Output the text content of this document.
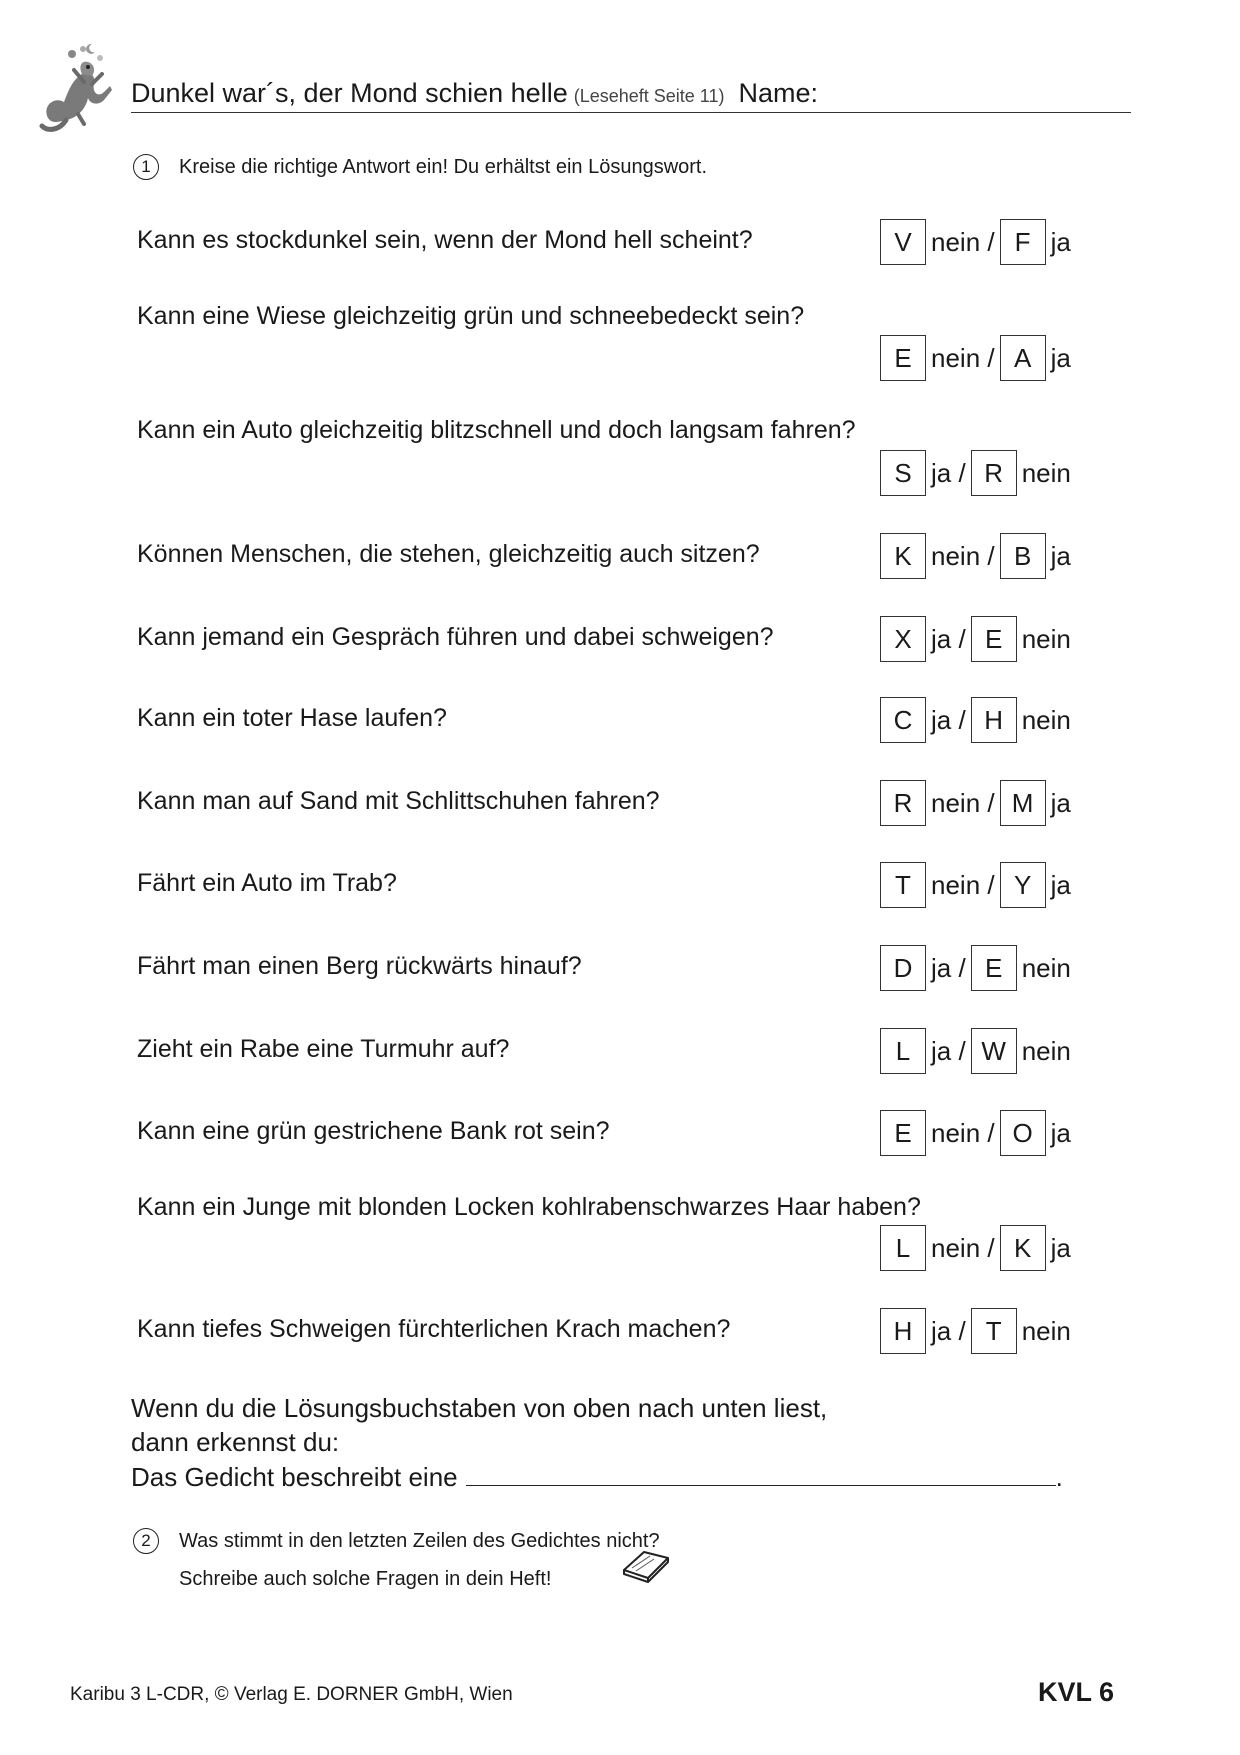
Dunkel war´s, der Mond schien helle (Leseheft Seite 11) Name:
1	Kreise die richtige Antwort ein! Du erhältst ein Lösungswort.
Kann es stockdunkel sein, wenn der Mond hell scheint?	V nein / F ja
Kann eine Wiese gleichzeitig grün und schneebedeckt sein?
E nein / A ja
Kann ein Auto gleichzeitig blitzschnell und doch langsam fahren?
S ja / R nein
Können Menschen, die stehen, gleichzeitig auch sitzen?	K nein / B ja
Kann jemand ein Gespräch führen und dabei schweigen?	X ja / E nein
Kann ein toter Hase laufen?	C ja / H nein
Kann man auf Sand mit Schlittschuhen fahren?	R nein / M ja
Fährt ein Auto im Trab?	T nein / Y ja
Fährt man einen Berg rückwärts hinauf?	D ja / E nein
Zieht ein Rabe eine Turmuhr auf?	L ja / W nein
Kann eine grün gestrichene Bank rot sein?	E nein / O ja
Kann ein Junge mit blonden Locken kohlrabenschwarzes Haar haben?
L nein / K ja
Kann tiefes Schweigen fürchterlichen Krach machen?	H ja / T nein
Wenn du die Lösungsbuchstaben von oben nach unten liest,
dann erkennst du:
Das Gedicht beschreibt eine	.
2	Was stimmt in den letzten Zeilen des Gedichtes nicht?
Schreibe auch solche Fragen in dein Heft!
Karibu 3 L-CDR, © Verlag E. DORNER GmbH, Wien	KVL 6
